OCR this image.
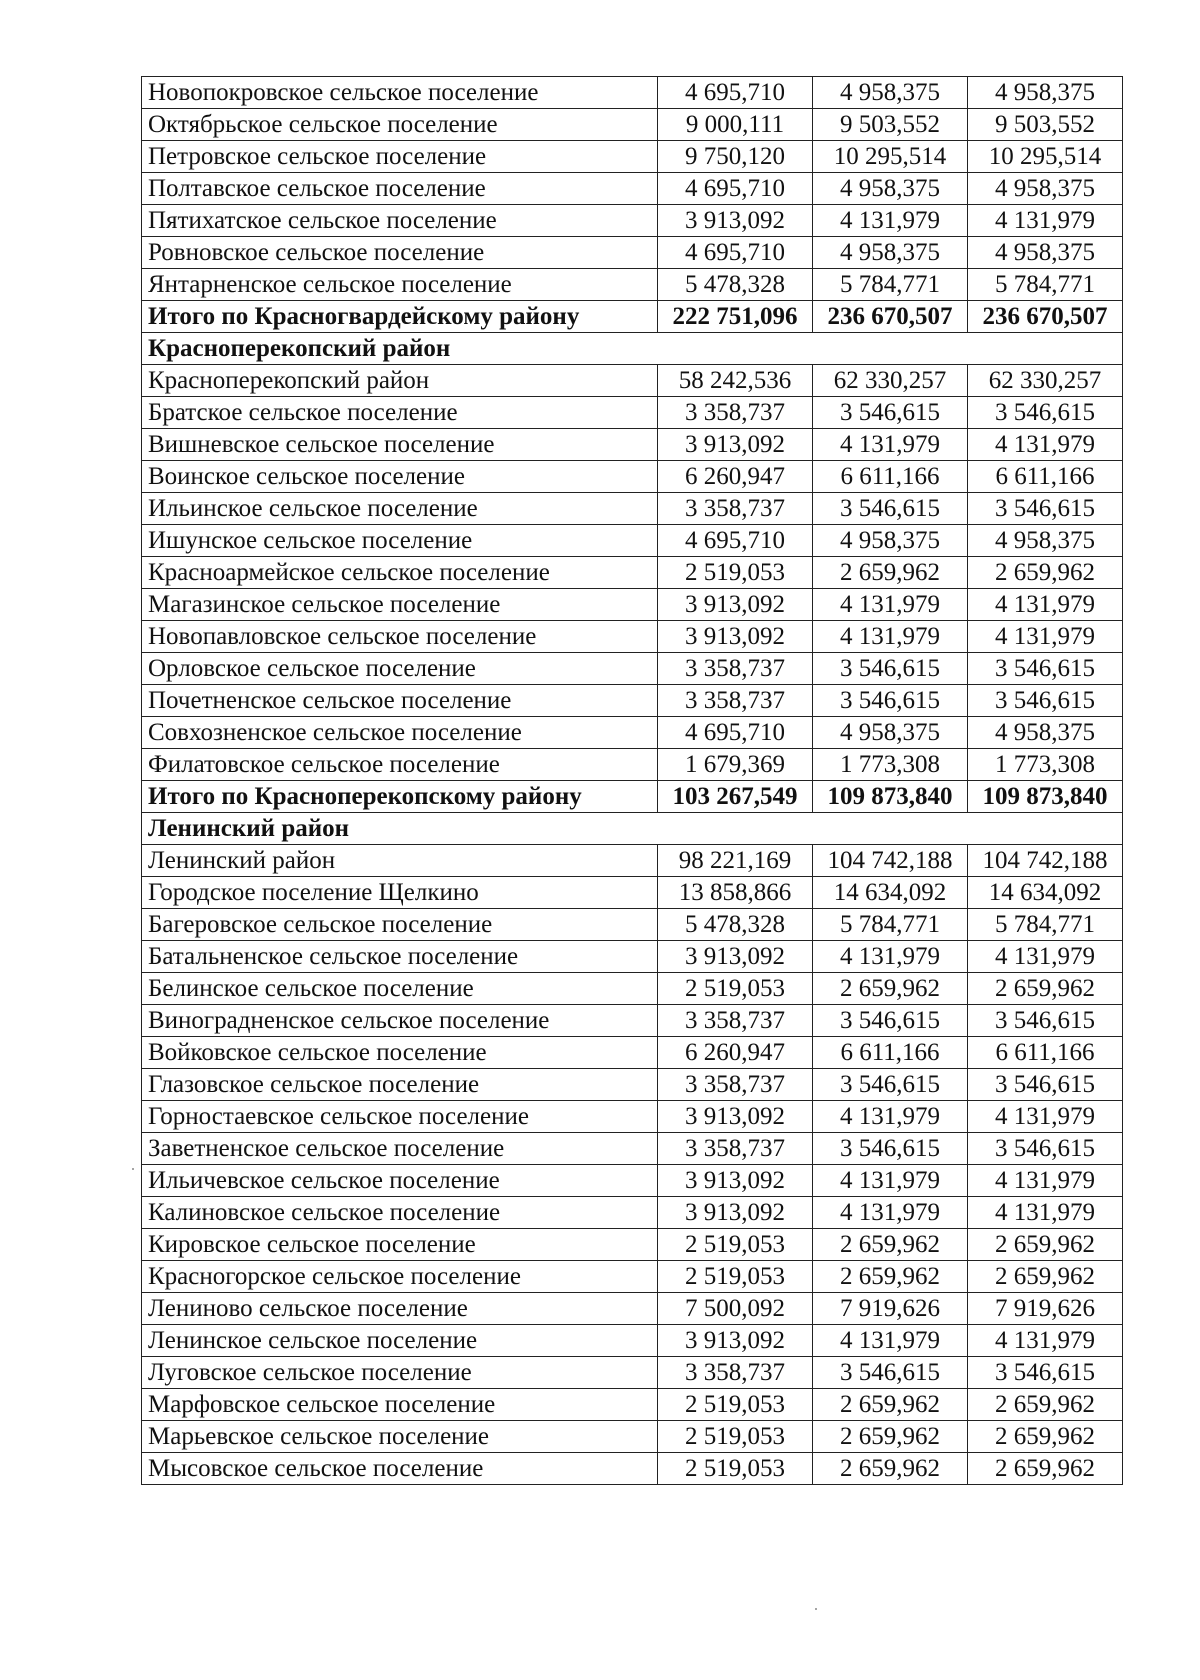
Новопокровское сельское поселение	4 695,710	4 958,375	4 958,375
Октябрьское сельское поселение	9 000,111	9 503,552	9 503,552
Петровское сельское поселение	9 750,120	10 295,514	10 295,514
Полтавское сельское поселение	4 695,710	4 958,375	4 958,375
Пятихатское сельское поселение	3 913,092	4 131,979	4 131,979
Ровновское сельское поселение	4 695,710	4 958,375	4 958,375
Янтарненское сельское поселение	5 478,328	5 784,771	5 784,771
Итого по Красногвардейскому району	222 751,096	236 670,507	236 670,507
Красноперекопский район			
Красноперекопский район	58 242,536	62 330,257	62 330,257
Братское сельское поселение	3 358,737	3 546,615	3 546,615
Вишневское сельское поселение	3 913,092	4 131,979	4 131,979
Воинское сельское поселение	6 260,947	6 611,166	6 611,166
Ильинское сельское поселение	3 358,737	3 546,615	3 546,615
Ишунское сельское поселение	4 695,710	4 958,375	4 958,375
Красноармейское сельское поселение	2 519,053	2 659,962	2 659,962
Магазинское сельское поселение	3 913,092	4 131,979	4 131,979
Новопавловское сельское поселение	3 913,092	4 131,979	4 131,979
Орловское сельское поселение	3 358,737	3 546,615	3 546,615
Почетненское сельское поселение	3 358,737	3 546,615	3 546,615
Совхозненское сельское поселение	4 695,710	4 958,375	4 958,375
Филатовское сельское поселение	1 679,369	1 773,308	1 773,308
Итого по Красноперекопскому району	103 267,549	109 873,840	109 873,840
Ленинский район			
Ленинский район	98 221,169	104 742,188	104 742,188
Городское поселение Щелкино	13 858,866	14 634,092	14 634,092
Багеровское сельское поселение	5 478,328	5 784,771	5 784,771
Батальненское сельское поселение	3 913,092	4 131,979	4 131,979
Белинское сельское поселение	2 519,053	2 659,962	2 659,962
Виноградненское сельское поселение	3 358,737	3 546,615	3 546,615
Войковское сельское поселение	6 260,947	6 611,166	6 611,166
Глазовское сельское поселение	3 358,737	3 546,615	3 546,615
Горностаевское сельское поселение	3 913,092	4 131,979	4 131,979
Заветненское сельское поселение	3 358,737	3 546,615	3 546,615
Ильичевское сельское поселение	3 913,092	4 131,979	4 131,979
Калиновское сельское поселение	3 913,092	4 131,979	4 131,979
Кировское сельское поселение	2 519,053	2 659,962	2 659,962
Красногорское сельское поселение	2 519,053	2 659,962	2 659,962
Лениново сельское поселение	7 500,092	7 919,626	7 919,626
Ленинское сельское поселение	3 913,092	4 131,979	4 131,979
Луговское сельское поселение	3 358,737	3 546,615	3 546,615
Марфовское сельское поселение	2 519,053	2 659,962	2 659,962
Марьевское сельское поселение	2 519,053	2 659,962	2 659,962
Мысовское сельское поселение	2 519,053	2 659,962	2 659,962
